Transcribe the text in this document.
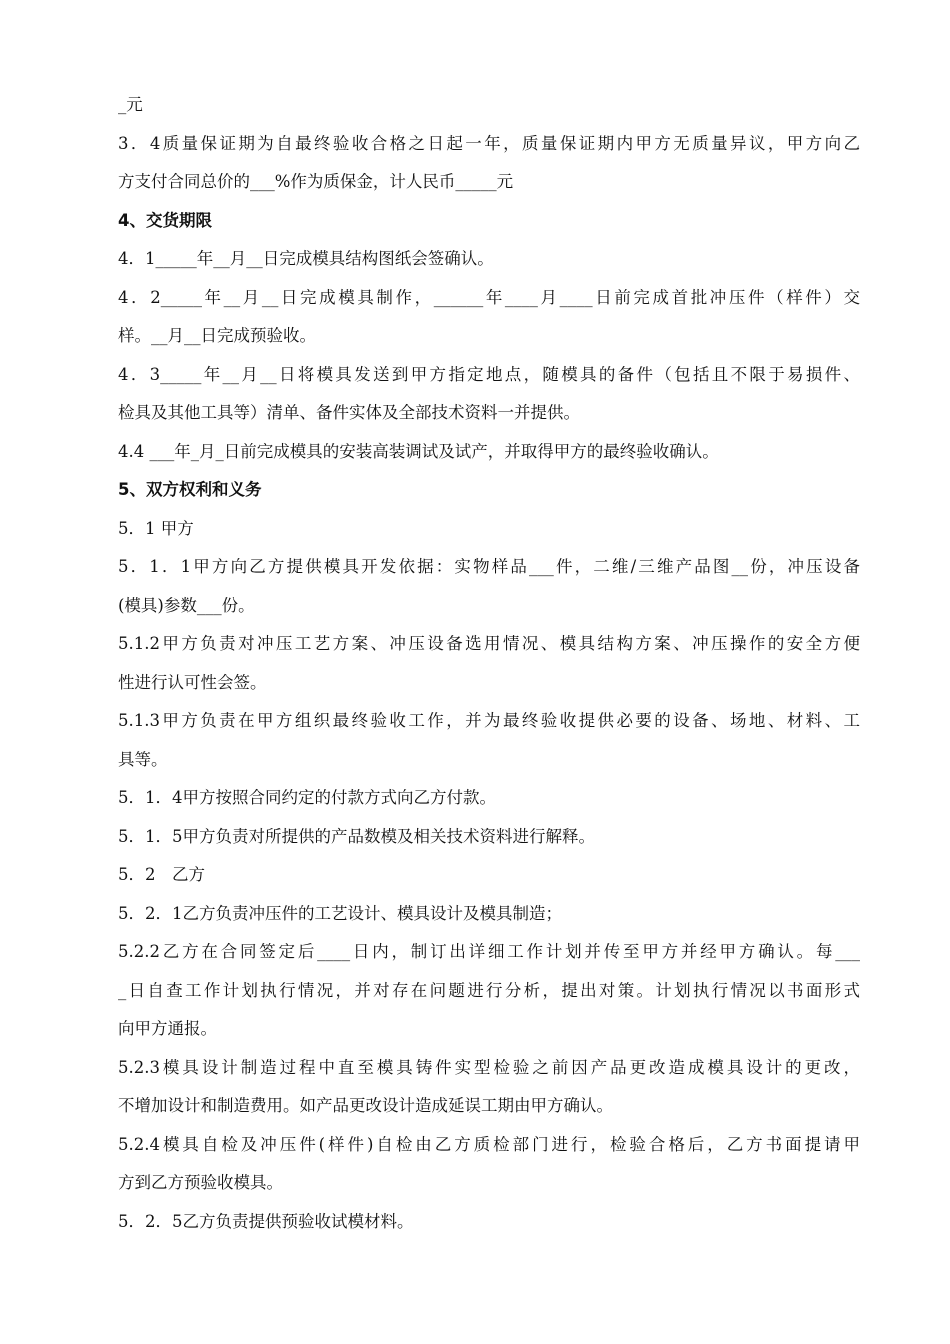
_元
3．4质量保证期为自最终验收合格之日起一年，质量保证期内甲方无质量异议，甲方向乙
方支付合同总价的___%作为质保金，计人民币_____元
4、交货期限
4．1_____年__月__日完成模具结构图纸会签确认。
4．2_____年__月__日完成模具制作，______年____月____日前完成首批冲压件（样件）交
样。__月__日完成预验收。
4．3_____年__月__日将模具发送到甲方指定地点，随模具的备件（包括且不限于易损件、
检具及其他工具等）清单、备件实体及全部技术资料一并提供。
4.4 ___年_月_日前完成模具的安装高装调试及试产，并取得甲方的最终验收确认。
5、双方权利和义务
5．1 甲方
5．1．1甲方向乙方提供模具开发依据：实物样品___件，二维/三维产品图__份，冲压设备
(模具)参数___份。
5.1.2甲方负责对冲压工艺方案、冲压设备选用情况、模具结构方案、冲压操作的安全方便
性进行认可性会签。
5.1.3甲方负责在甲方组织最终验收工作，并为最终验收提供必要的设备、场地、材料、工
具等。
5．1．4甲方按照合同约定的付款方式向乙方付款。
5．1．5甲方负责对所提供的产品数模及相关技术资料进行解释。
5．2　乙方
5．2．1乙方负责冲压件的工艺设计、模具设计及模具制造；
5.2.2乙方在合同签定后____日内，制订出详细工作计划并传至甲方并经甲方确认。每___
_日自查工作计划执行情况，并对存在问题进行分析，提出对策。计划执行情况以书面形式
向甲方通报。
5.2.3模具设计制造过程中直至模具铸件实型检验之前因产品更改造成模具设计的更改，
不增加设计和制造费用。如产品更改设计造成延误工期由甲方确认。
5.2.4模具自检及冲压件(样件)自检由乙方质检部门进行，检验合格后，乙方书面提请甲
方到乙方预验收模具。
5．2．5乙方负责提供预验收试模材料。
